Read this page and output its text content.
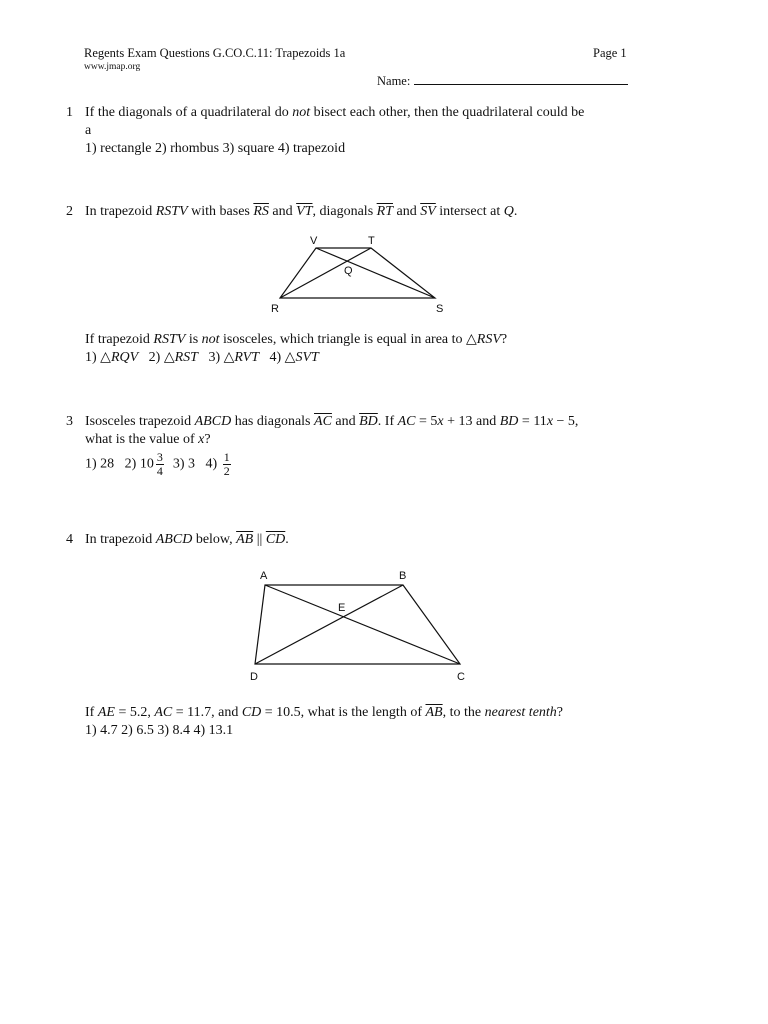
Regents Exam Questions G.CO.C.11: Trapezoids 1a
www.jmap.org
Page 1
Name:
1 If the diagonals of a quadrilateral do not bisect each other, then the quadrilateral could be
a
1) rectangle 2) rhombus 3) square 4) trapezoid
2 In trapezoid RSTV with bases $\overline{RS}$ and $\overline{VT}$, diagonals $\overline{RT}$ and $\overline{SV}$ intersect at Q.
V	T
Q
R	S
If trapezoid RSTV is not isosceles, which triangle is equal in area to △RSV?
1) △RQV 2) △RST 3) △RVT 4) △SVT
3 Isosceles trapezoid ABCD has diagonals $\overline{AC}$ and $\overline{BD}$. If AC = 5x + 13 and BD = 11x − 5,
what is the value of x?
1) 28 2) $10 \frac{3}{4} 3$) 3 $4) \frac{1}{2}$
4 In trapezoid ABCD below, $\overline{AB}$ || $\overline{CD}$.
A	B
E
D	C
If AE = 5.2, AC = 11.7, and CD = 10.5, what is the length of $\overline{AB}$, to the nearest tenth?
1) 4.7 2) 6.5 3) 8.4 4) 13.1
